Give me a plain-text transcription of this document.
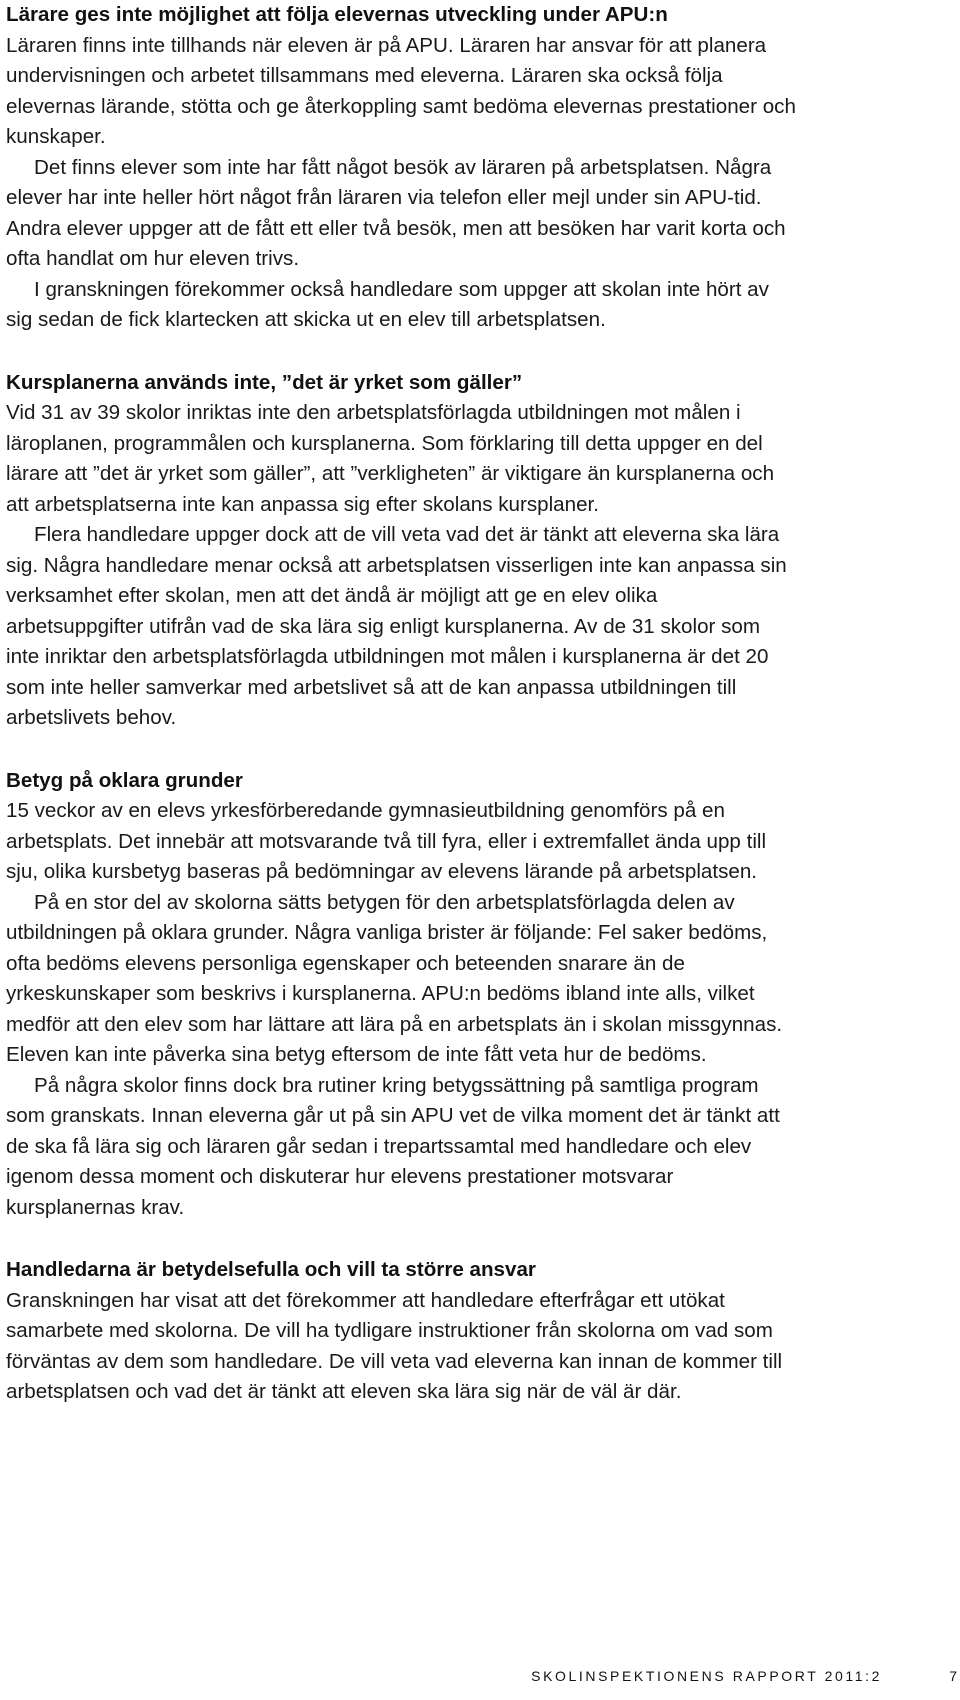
Lärare ges inte möjlighet att följa elevernas utveckling under APU:n

Läraren finns inte tillhands när eleven är på APU. Läraren har ansvar för att planera undervisningen och arbetet tillsammans med eleverna. Läraren ska också följa elevernas lärande, stötta och ge återkoppling samt bedöma elevernas prestationer och kunskaper.

Det finns elever som inte har fått något besök av läraren på arbetsplatsen. Några elever har inte heller hört något från läraren via telefon eller mejl under sin APU-tid. Andra elever uppger att de fått ett eller två besök, men att besöken har varit korta och ofta handlat om hur eleven trivs.

I granskningen förekommer också handledare som uppger att skolan inte hört av sig sedan de fick klartecken att skicka ut en elev till arbetsplatsen.

Kursplanerna används inte, ”det är yrket som gäller”

Vid 31 av 39 skolor inriktas inte den arbetsplatsförlagda utbildningen mot målen i läroplanen, programmålen och kursplanerna. Som förklaring till detta uppger en del lärare att ”det är yrket som gäller”, att ”verkligheten” är viktigare än kursplanerna och att arbetsplatserna inte kan anpassa sig efter skolans kursplaner.

Flera handledare uppger dock att de vill veta vad det är tänkt att eleverna ska lära sig. Några handledare menar också att arbetsplatsen visserligen inte kan anpassa sin verksamhet efter skolan, men att det ändå är möjligt att ge en elev olika arbetsuppgifter utifrån vad de ska lära sig enligt kursplanerna. Av de 31 skolor som inte inriktar den arbetsplatsförlagda utbildningen mot målen i kursplanerna är det 20 som inte heller samverkar med arbetslivet så att de kan anpassa utbildningen till arbetslivets behov.

Betyg på oklara grunder

15 veckor av en elevs yrkesförberedande gymnasieutbildning genomförs på en arbetsplats. Det innebär att motsvarande två till fyra, eller i extremfallet ända upp till sju, olika kursbetyg baseras på bedömningar av elevens lärande på arbetsplatsen.

På en stor del av skolorna sätts betygen för den arbetsplatsförlagda delen av utbildningen på oklara grunder. Några vanliga brister är följande: Fel saker bedöms, ofta bedöms elevens personliga egenskaper och beteenden snarare än de yrkeskunskaper som beskrivs i kursplanerna. APU:n bedöms ibland inte alls, vilket medför att den elev som har lättare att lära på en arbetsplats än i skolan missgynnas. Eleven kan inte påverka sina betyg eftersom de inte fått veta hur de bedöms.

På några skolor finns dock bra rutiner kring betygssättning på samtliga program som granskats. Innan eleverna går ut på sin APU vet de vilka moment det är tänkt att de ska få lära sig och läraren går sedan i trepartssamtal med handledare och elev igenom dessa moment och diskuterar hur elevens prestationer motsvarar kursplanernas krav.

Handledarna är betydelsefulla och vill ta större ansvar

Granskningen har visat att det förekommer att handledare efterfrågar ett utökat samarbete med skolorna. De vill ha tydligare instruktioner från skolorna om vad som förväntas av dem som handledare. De vill veta vad eleverna kan innan de kommer till arbetsplatsen och vad det är tänkt att eleven ska lära sig när de väl är där.

SKOLINSPEKTIONENS RAPPORT 2011:2	7
